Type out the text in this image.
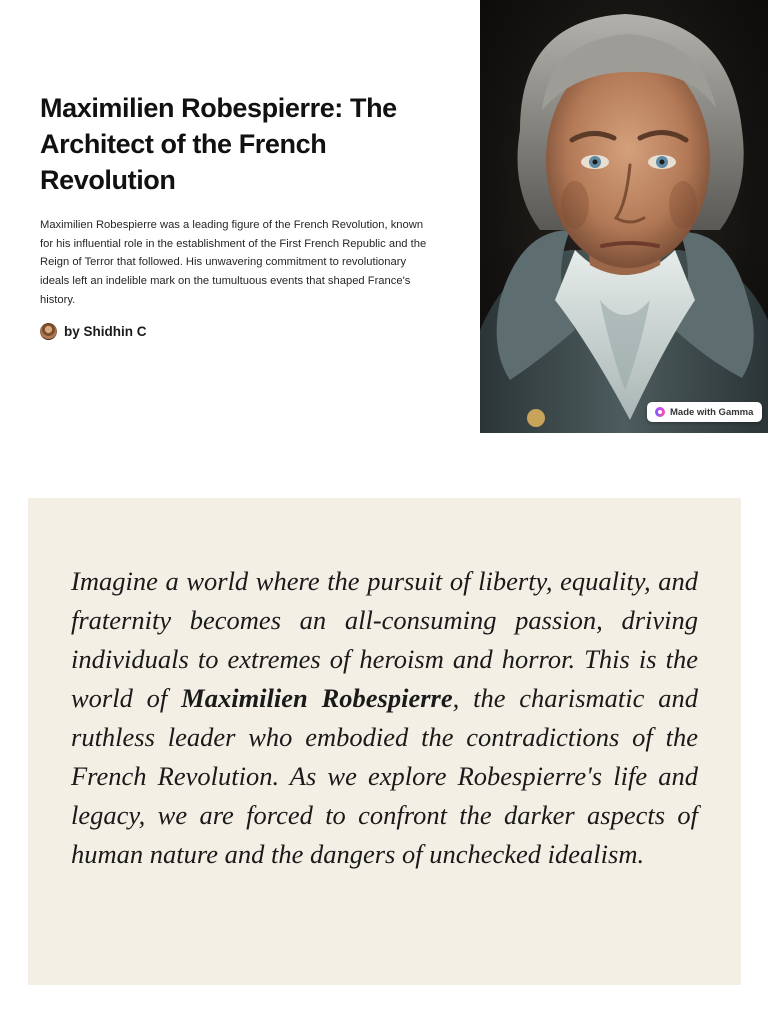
Maximilien Robespierre: The Architect of the French Revolution

Maximilien Robespierre was a leading figure of the French Revolution, known for his influential role in the establishment of the First French Republic and the Reign of Terror that followed. His unwavering commitment to revolutionary ideals left an indelible mark on the tumultuous events that shaped France's history.

by Shidhin C
Made with Gamma

Imagine a world where the pursuit of liberty, equality, and fraternity becomes an all-consuming passion, driving individuals to extremes of heroism and horror. This is the world of Maximilien Robespierre, the charismatic and ruthless leader who embodied the contradictions of the French Revolution. As we explore Robespierre's life and legacy, we are forced to confront the darker aspects of human nature and the dangers of unchecked idealism.
